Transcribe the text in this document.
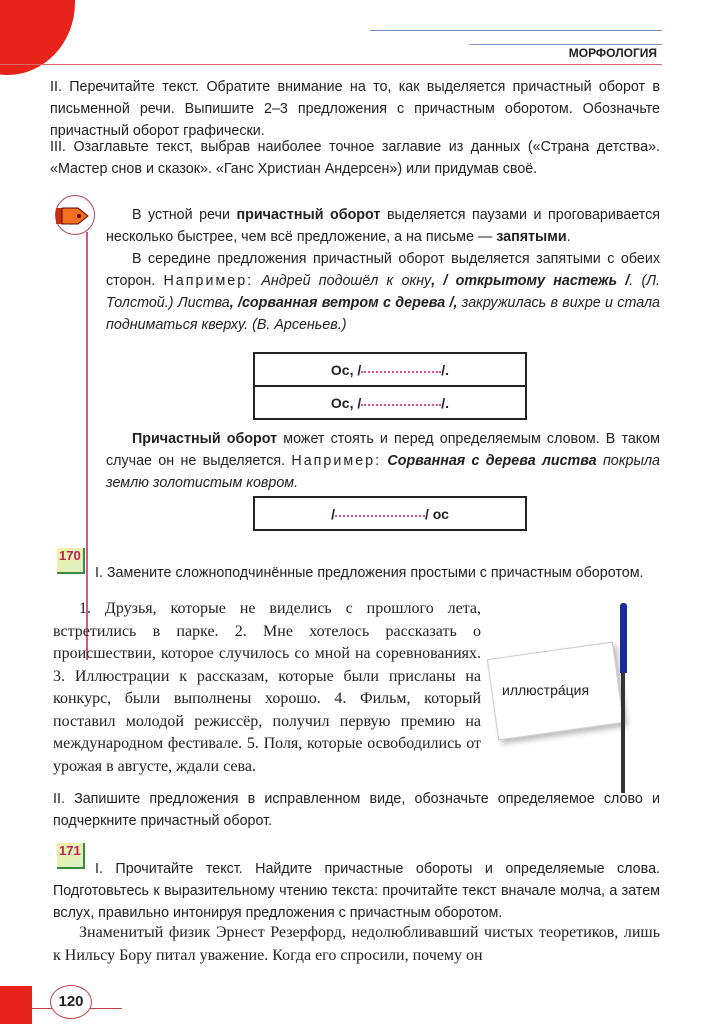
МОРФОЛОГИЯ

II. Перечитайте текст. Обратите внимание на то, как выделяется причастный оборот в письменной речи. Выпишите 2–3 предложения с причастным оборотом. Обозначьте причастный оборот графически.

III. Озаглавьте текст, выбрав наиболее точное заглавие из данных («Страна детства». «Мастер снов и сказок». «Ганс Христиан Андерсен») или придумав своё.

В устной речи причастный оборот выделяется паузами и проговаривается несколько быстрее, чем всё предложение, а на письме — запятыми.

В середине предложения причастный оборот выделяется запятыми с обеих сторон. Например: Андрей подошёл к окну, / открытому настежь /. (Л. Толстой.) Листва, /сорванная ветром с дерева /, закружилась в вихре и стала подниматься кверху. (В. Арсеньев.)

Ос, /	/.
Ос, /	/.

Причастный оборот может стоять и перед определяемым словом. В таком случае он не выделяется. Например: Сорванная с дерева листва покрыла землю золотистым ковром.

/	/ ос
170

I. Замените сложноподчинённые предложения простыми с причастным оборотом.

1. Друзья, которые не виделись с прошлого лета, встретились в парке. 2. Мне хотелось рассказать о происшествии, которое случилось со мной на соревнованиях. 3. Иллюстрации к рассказам, которые были присланы на конкурс, были выполнены хорошо. 4. Фильм, который поставил молодой режиссёр, получил первую премию на международном фестивале. 5. Поля, которые освободились от урожая в августе, ждали сева.

иллюстра́ция

II. Запишите предложения в исправленном виде, обозначьте определяемое слово и подчеркните причастный оборот.

171

I. Прочитайте текст. Найдите причастные обороты и определяемые слова. Подготовьтесь к выразительному чтению текста: прочитайте текст вначале молча, а затем вслух, правильно интонируя предложения с причастным оборотом.

Знаменитый физик Эрнест Резерфорд, недолюбливавший чистых теоретиков, лишь к Нильсу Бору питал уважение. Когда его спросили, почему он

120
